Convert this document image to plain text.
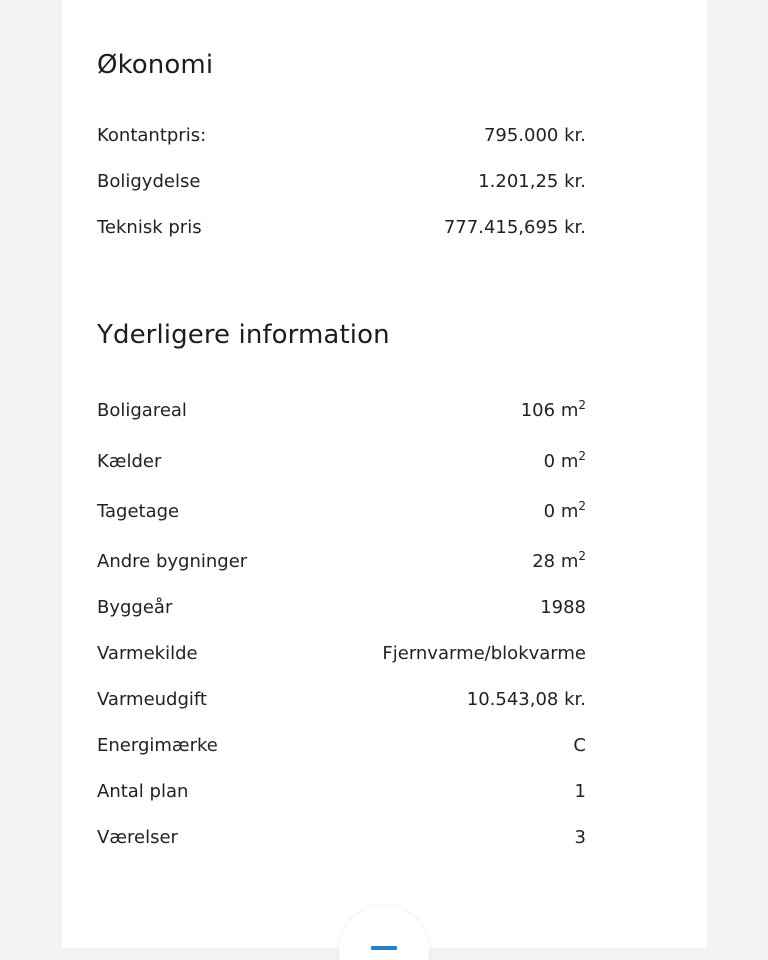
Økonomi
Kontantpris:	795.000 kr.
Boligydelse	1.201,25 kr.
Teknisk pris	777.415,695 kr.
Yderligere information
Boligareal	106 $m^2$
Kælder	0 $m^2$
Tagetage	0 $m^2$
Andre bygninger	28 $m^2$
Byggeår	1988
Varmekilde	Fjernvarme/blokvarme
Varmeudgift	10.543,08 kr.
Energimærke	C
Antal plan	1
Værelser	3
